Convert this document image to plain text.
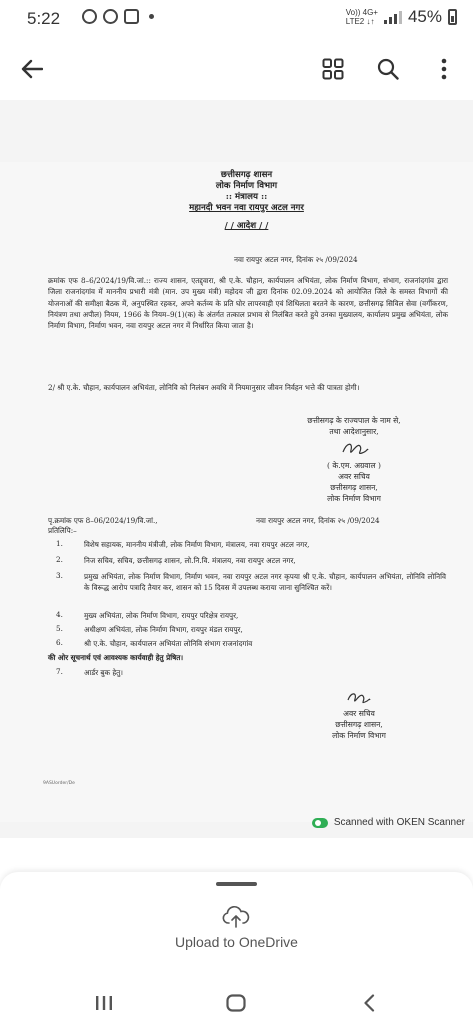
5:22	Vo)) 4G+
LTE2 ↓↑ 45%
छत्तीसगढ़ शासन
लोक निर्माण विभाग
:: मंत्रालय ::
महानदी भवन नवा रायपुर अटल नगर
/ / आदेश / /
नवा रायपुर अटल नगर, दिनांक २५ /09/2024
क्रमांक एफ 8–6/2024/19/वि.जां.:: राज्य शासन, एतद्द्वारा, श्री ए.के. चौहान, कार्यपालन अभियंता, लोक निर्माण विभाग, संभाग, राजनांदगांव द्वारा जिला राजनांदगांव में माननीय प्रभारी मंत्री (मान. उप मुख्य मंत्री) महोदय जी द्वारा दिनांक 02.09.2024 को आयोजित जिले के समस्त विभागों की योजनाओं की समीक्षा बैठक में, अनुपस्थित रहकर, अपने कर्तव्य के प्रति घोर लापरवाही एवं शिथिलता बरतने के कारण, छत्तीसगढ़ सिविल सेवा (वर्गीकरण, नियंत्रण तथा अपील) नियम, 1966 के नियम–9(1)(क) के अंतर्गत तत्काल प्रभाव से निलंबित करते हुये उनका मुख्यालय, कार्यालय प्रमुख अभियंता, लोक निर्माण विभाग, निर्माण भवन, नवा रायपुर अटल नगर में निर्धारित किया जाता है।
2/ श्री ए.के. चौहान, कार्यपालन अभियंता, लोनिवि को निलंबन अवधि में नियमानुसार जीवन निर्वहन भत्ते की पात्रता होगी।
छत्तीसगढ़ के राज्यपाल के नाम से,
तथा आदेशानुसार,
( के.एम. अग्रवाल )
अवर सचिव
छत्तीसगढ़ शासन,
लोक निर्माण विभाग
पृ.क्रमांक एफ 8–06/2024/19/वि.जां.,	नवा रायपुर अटल नगर, दिनांक २५ /09/2024
प्रतिलिपि:–
1.	विशेष सहायक, माननीय मंत्रीजी, लोक निर्माण विभाग, मंत्रालय, नवा रायपुर अटल नगर,
2.	निज सचिव, सचिव, छत्तीसगढ़ शासन, लो.नि.वि. मंत्रालय, नवा रायपुर अटल नगर,
3.	प्रमुख अभियंता, लोक निर्माण विभाग, निर्माण भवन, नवा रायपुर अटल नगर कृपया श्री ए.के. चौहान, कार्यपालन अभियंता, लोनिवि लोनिवि के विरूद्ध आरोप पत्रादि तैयार कर, शासन को 15 दिवस में उपलब्ध कराया जाना सुनिश्चित करें।
4.	मुख्य अभियंता, लोक निर्माण विभाग, रायपुर परिक्षेत्र रायपुर,
5.	अधीक्षण अभियंता, लोक निर्माण विभाग, रायपुर मंडल रायपुर,
6.	श्री ए.के. चौहान, कार्यपालन अभियंता लोनिवि संभाग राजनांदगांव
की ओर सूचनार्थ एवं आवश्यक कार्यवाही हेतु प्रेषित।
7.	आर्डर बुक हेतु।
अवर सचिव
छत्तीसगढ़ शासन,
लोक निर्माण विभाग
9ASUorder/De
Scanned with OKEN Scanner
Upload to OneDrive
